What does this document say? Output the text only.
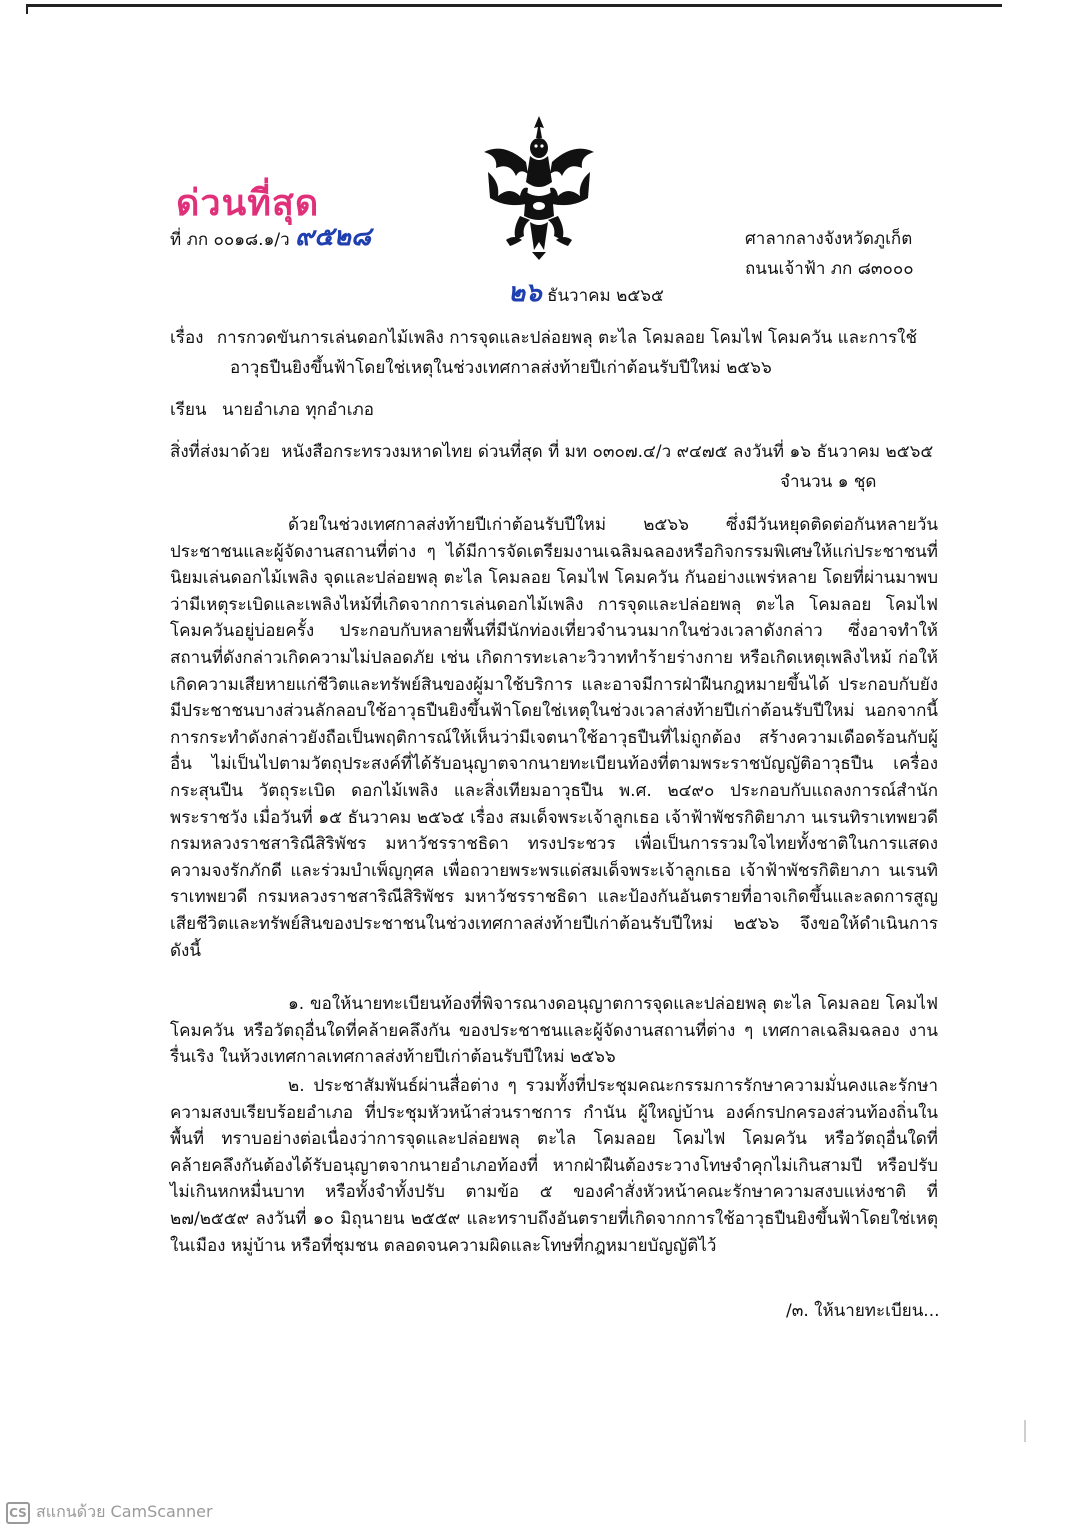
ด่วนที่สุด
ที่ ภก ๐๐๑๘.๑/ว ๙๕๒๘	ศาลากลางจังหวัดภูเก็ต
ถนนเจ้าฟ้า ภก ๘๓๐๐๐
๒๖ ธันวาคม ๒๕๖๕
เรื่อง การกวดขันการเล่นดอกไม้เพลิง การจุดและปล่อยพลุ ตะไล โคมลอย โคมไฟ โคมควัน และการใช้
อาวุธปืนยิงขึ้นฟ้าโดยใช่เหตุในช่วงเทศกาลส่งท้ายปีเก่าต้อนรับปีใหม่ ๒๕๖๖
เรียน นายอำเภอ ทุกอำเภอ
สิ่งที่ส่งมาด้วย หนังสือกระทรวงมหาดไทย ด่วนที่สุด ที่ มท ๐๓๐๗.๔/ว ๙๔๗๕ ลงวันที่ ๑๖ ธันวาคม ๒๕๖๕
จำนวน ๑ ชุด
ด้วยในช่วงเทศกาลส่งท้ายปีเก่าต้อนรับปีใหม่ ๒๕๖๖ ซึ่งมีวันหยุดติดต่อกันหลายวัน ประชาชนและผู้จัดงานสถานที่ต่าง ๆ ได้มีการจัดเตรียมงานเฉลิมฉลองหรือกิจกรรมพิเศษให้แก่ประชาชนที่นิยมเล่นดอกไม้เพลิง จุดและปล่อยพลุ ตะไล โคมลอย โคมไฟ โคมควัน กันอย่างแพร่หลาย โดยที่ผ่านมาพบว่ามีเหตุระเบิดและเพลิงไหม้ที่เกิดจากการเล่นดอกไม้เพลิง การจุดและปล่อยพลุ ตะไล โคมลอย โคมไฟ โคมควันอยู่บ่อยครั้ง ประกอบกับหลายพื้นที่มีนักท่องเที่ยวจำนวนมากในช่วงเวลาดังกล่าว ซึ่งอาจทำให้สถานที่ดังกล่าวเกิดความไม่ปลอดภัย เช่น เกิดการทะเลาะวิวาททำร้ายร่างกาย หรือเกิดเหตุเพลิงไหม้ ก่อให้เกิดความเสียหายแก่ชีวิตและทรัพย์สินของผู้มาใช้บริการ และอาจมีการฝ่าฝืนกฎหมายขึ้นได้ ประกอบกับยังมีประชาชนบางส่วนลักลอบใช้อาวุธปืนยิงขึ้นฟ้าโดยใช่เหตุในช่วงเวลาส่งท้ายปีเก่าต้อนรับปีใหม่ นอกจากนี้การกระทำดังกล่าวยังถือเป็นพฤติการณ์ให้เห็นว่ามีเจตนาใช้อาวุธปืนที่ไม่ถูกต้อง สร้างความเดือดร้อนกับผู้อื่น ไม่เป็นไปตามวัตถุประสงค์ที่ได้รับอนุญาตจากนายทะเบียนท้องที่ตามพระราชบัญญัติอาวุธปืน เครื่องกระสุนปืน วัตถุระเบิด ดอกไม้เพลิง และสิ่งเทียมอาวุธปืน พ.ศ. ๒๔๙๐ ประกอบกับแถลงการณ์สำนักพระราชวัง เมื่อวันที่ ๑๕ ธันวาคม ๒๕๖๕ เรื่อง สมเด็จพระเจ้าลูกเธอ เจ้าฟ้าพัชรกิติยาภา นเรนทิราเทพยวดี กรมหลวงราชสาริณีสิริพัชร มหาวัชรราชธิดา ทรงประชวร เพื่อเป็นการรวมใจไทยทั้งชาติในการแสดงความจงรักภักดี และร่วมบำเพ็ญกุศล เพื่อถวายพระพรแด่สมเด็จพระเจ้าลูกเธอ เจ้าฟ้าพัชรกิติยาภา นเรนทิราเทพยวดี กรมหลวงราชสาริณีสิริพัชร มหาวัชรราชธิดา และป้องกันอันตรายที่อาจเกิดขึ้นและลดการสูญเสียชีวิตและทรัพย์สินของประชาชนในช่วงเทศกาลส่งท้ายปีเก่าต้อนรับปีใหม่ ๒๕๖๖ จึงขอให้ดำเนินการ ดังนี้
๑. ขอให้นายทะเบียนท้องที่พิจารณางดอนุญาตการจุดและปล่อยพลุ ตะไล โคมลอย โคมไฟ โคมควัน หรือวัตถุอื่นใดที่คล้ายคลึงกัน ของประชาชนและผู้จัดงานสถานที่ต่าง ๆ เทศกาลเฉลิมฉลอง งานรื่นเริง ในห้วงเทศกาลเทศกาลส่งท้ายปีเก่าต้อนรับปีใหม่ ๒๕๖๖
๒. ประชาสัมพันธ์ผ่านสื่อต่าง ๆ รวมทั้งที่ประชุมคณะกรรมการรักษาความมั่นคงและรักษาความสงบเรียบร้อยอำเภอ ที่ประชุมหัวหน้าส่วนราชการ กำนัน ผู้ใหญ่บ้าน องค์กรปกครองส่วนท้องถิ่นในพื้นที่ ทราบอย่างต่อเนื่องว่าการจุดและปล่อยพลุ ตะไล โคมลอย โคมไฟ โคมควัน หรือวัตถุอื่นใดที่คล้ายคลึงกันต้องได้รับอนุญาตจากนายอำเภอท้องที่ หากฝ่าฝืนต้องระวางโทษจำคุกไม่เกินสามปี หรือปรับไม่เกินหกหมื่นบาท หรือทั้งจำทั้งปรับ ตามข้อ ๕ ของคำสั่งหัวหน้าคณะรักษาความสงบแห่งชาติ ที่ ๒๗/๒๕๕๙ ลงวันที่ ๑๐ มิถุนายน ๒๕๕๙ และทราบถึงอันตรายที่เกิดจากการใช้อาวุธปืนยิงขึ้นฟ้าโดยใช่เหตุในเมือง หมู่บ้าน หรือที่ชุมชน ตลอดจนความผิดและโทษที่กฎหมายบัญญัติไว้
/๓. ให้นายทะเบียน...
CS สแกนด้วย CamScanner
